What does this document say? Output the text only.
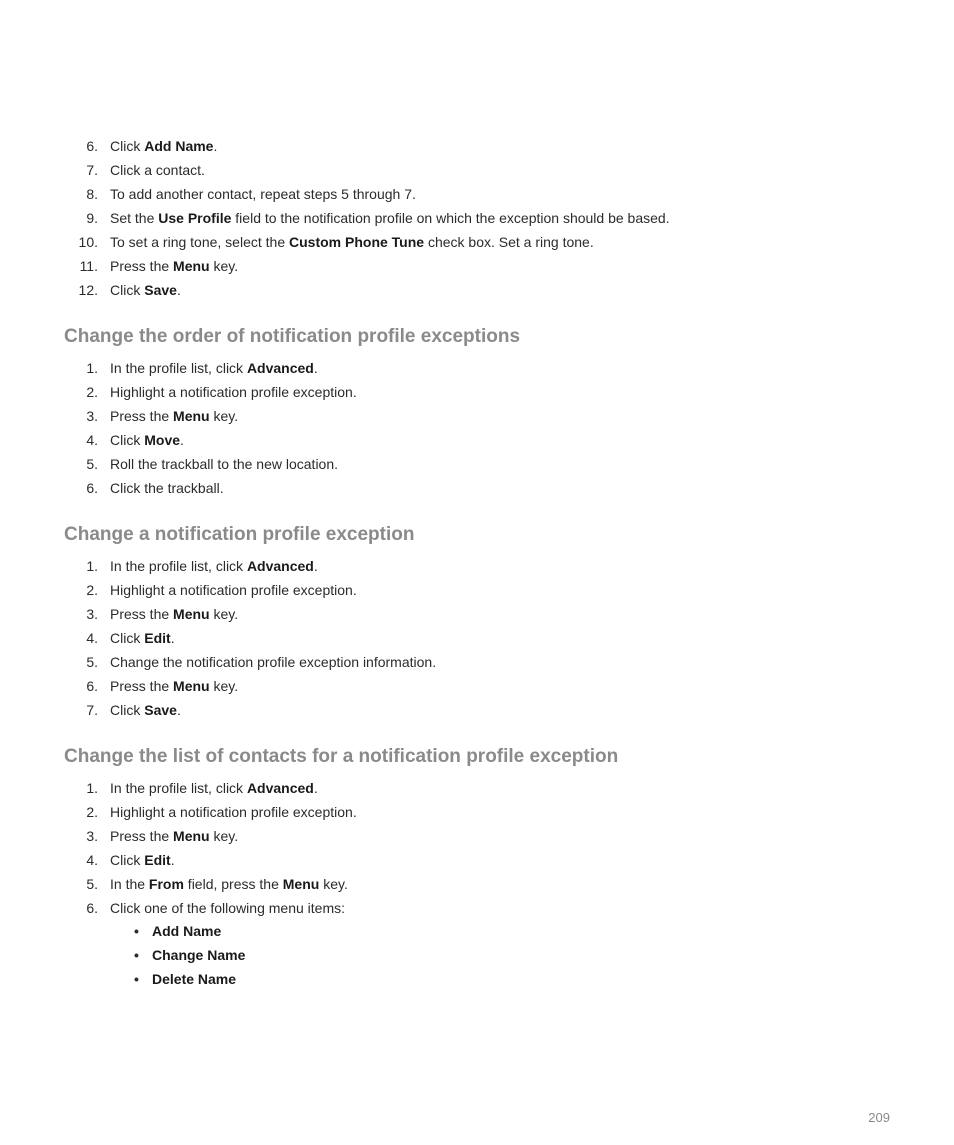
6. Click Add Name.
7. Click a contact.
8. To add another contact, repeat steps 5 through 7.
9. Set the Use Profile field to the notification profile on which the exception should be based.
10. To set a ring tone, select the Custom Phone Tune check box. Set a ring tone.
11. Press the Menu key.
12. Click Save.
Change the order of notification profile exceptions
1. In the profile list, click Advanced.
2. Highlight a notification profile exception.
3. Press the Menu key.
4. Click Move.
5. Roll the trackball to the new location.
6. Click the trackball.
Change a notification profile exception
1. In the profile list, click Advanced.
2. Highlight a notification profile exception.
3. Press the Menu key.
4. Click Edit.
5. Change the notification profile exception information.
6. Press the Menu key.
7. Click Save.
Change the list of contacts for a notification profile exception
1. In the profile list, click Advanced.
2. Highlight a notification profile exception.
3. Press the Menu key.
4. Click Edit.
5. In the From field, press the Menu key.
6. Click one of the following menu items:
• Add Name
• Change Name
• Delete Name
209
